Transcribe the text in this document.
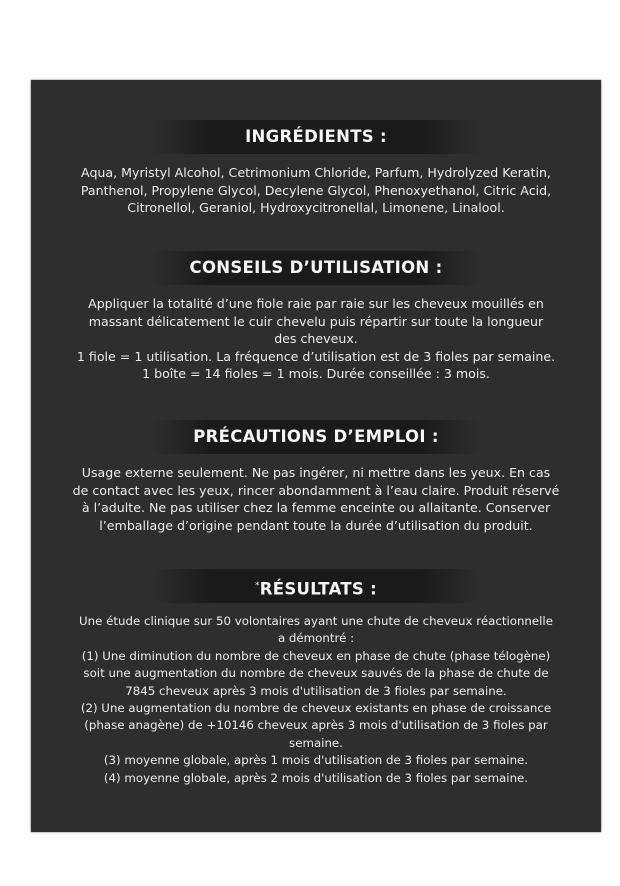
INGRÉDIENTS :
Aqua, Myristyl Alcohol, Cetrimonium Chloride, Parfum, Hydrolyzed Keratin,
Panthenol, Propylene Glycol, Decylene Glycol, Phenoxyethanol, Citric Acid,
Citronellol, Geraniol, Hydroxycitronellal, Limonene, Linalool.
CONSEILS D’UTILISATION :
Appliquer la totalité d’une fiole raie par raie sur les cheveux mouillés en
massant délicatement le cuir chevelu puis répartir sur toute la longueur
des cheveux.
1 fiole = 1 utilisation. La fréquence d’utilisation est de 3 fioles par semaine.
1 boîte = 14 fioles = 1 mois. Durée conseillée : 3 mois.
PRÉCAUTIONS D’EMPLOI :
Usage externe seulement. Ne pas ingérer, ni mettre dans les yeux. En cas
de contact avec les yeux, rincer abondamment à l’eau claire. Produit réservé
à l’adulte. Ne pas utiliser chez la femme enceinte ou allaitante. Conserver
l’emballage d’origine pendant toute la durée d’utilisation du produit.
*RÉSULTATS :
Une étude clinique sur 50 volontaires ayant une chute de cheveux réactionnelle
a démontré :
(1) Une diminution du nombre de cheveux en phase de chute (phase télogène)
soit une augmentation du nombre de cheveux sauvés de la phase de chute de
7845 cheveux après 3 mois d'utilisation de 3 fioles par semaine.
(2) Une augmentation du nombre de cheveux existants en phase de croissance
(phase anagène) de +10146 cheveux après 3 mois d'utilisation de 3 fioles par
semaine.
(3) moyenne globale, après 1 mois d'utilisation de 3 fioles par semaine.
(4) moyenne globale, après 2 mois d'utilisation de 3 fioles par semaine.
